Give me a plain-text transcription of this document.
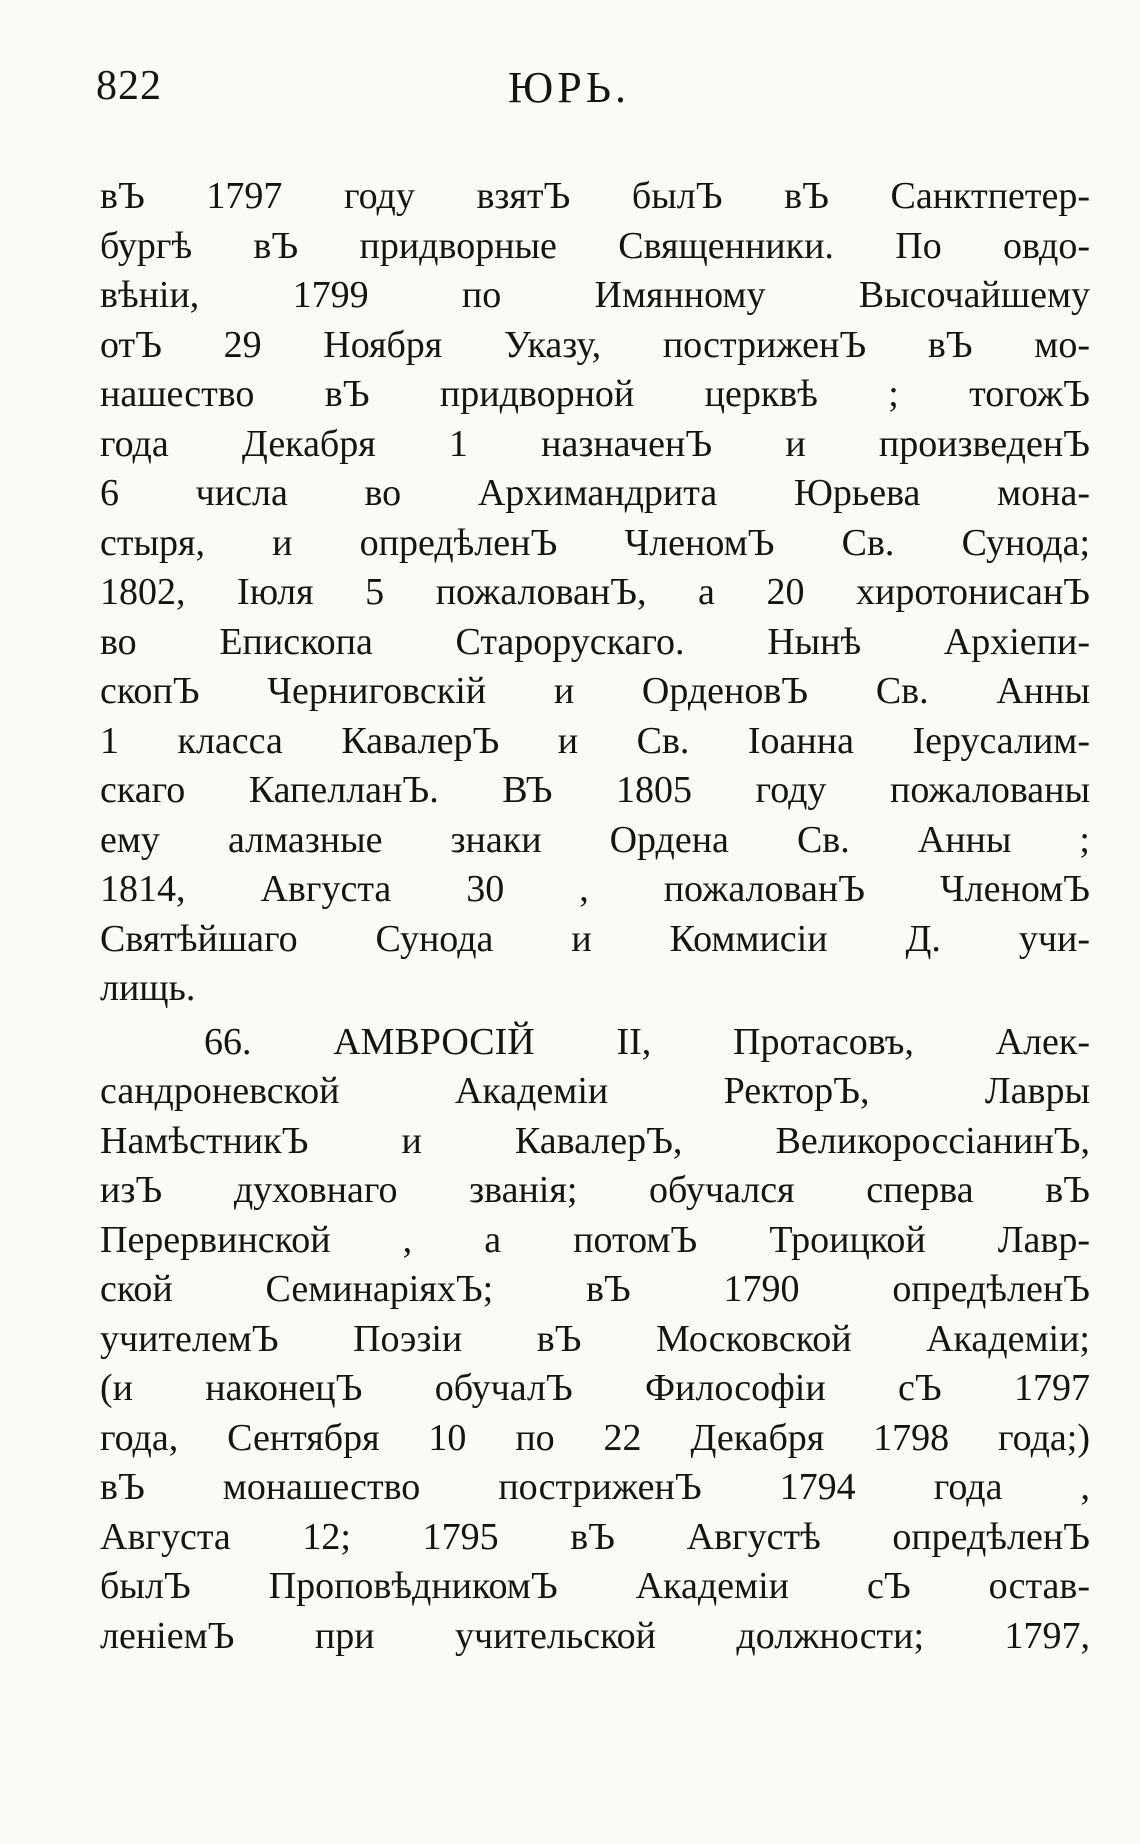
822	ЮРЬ.
вЪ 1797 году взятЪ былЪ вЪ Санктпетер-
бургѣ вЪ придворные Священники. По овдо-
вѣніи, 1799 по Имянному Высочайшему
отЪ 29 Ноября Указу, постриженЪ вЪ мо-
нашество вЪ придворной церквѣ ; тогожЪ
года Декабря 1 назначенЪ и произведенЪ
6 числа во Архимандрита Юрьева мона-
стыря, и опредѣленЪ ЧленомЪ Св. Сунода;
1802, Іюля 5 пожалованЪ, а 20 хиротонисанЪ
во Епископа Старорускаго. Нынѣ Архіепи-
скопЪ Черниговскій и ОрденовЪ Св. Анны
1 класса КавалерЪ и Св. Іоанна Іерусалим-
скаго КапелланЪ. ВЪ 1805 году пожалованы
ему алмазные знаки Ордена Св. Анны ;
1814, Августа 30 , пожалованЪ ЧленомЪ
Святѣйшаго Сунода и Коммисіи Д. учи-
лищь.
66. АМВРОСІЙ II, Протасовъ, Алек-
сандроневской Академіи РекторЪ, Лавры
НамѣстникЪ и КавалерЪ, ВеликороссіанинЪ,
изЪ духовнаго званія; обучался сперва вЪ
Перервинской , а потомЪ Троицкой Лавр-
ской СеминаріяхЪ; вЪ 1790 опредѣленЪ
учителемЪ Поэзіи вЪ Московской Академіи;
(и наконецЪ обучалЪ Философіи сЪ 1797
года, Сентября 10 по 22 Декабря 1798 года;)
вЪ монашество постриженЪ 1794 года ,
Августа 12; 1795 вЪ Августѣ опредѣленЪ
былЪ ПроповѣдникомЪ Академіи сЪ остав-
леніемЪ при учительской должности; 1797,
